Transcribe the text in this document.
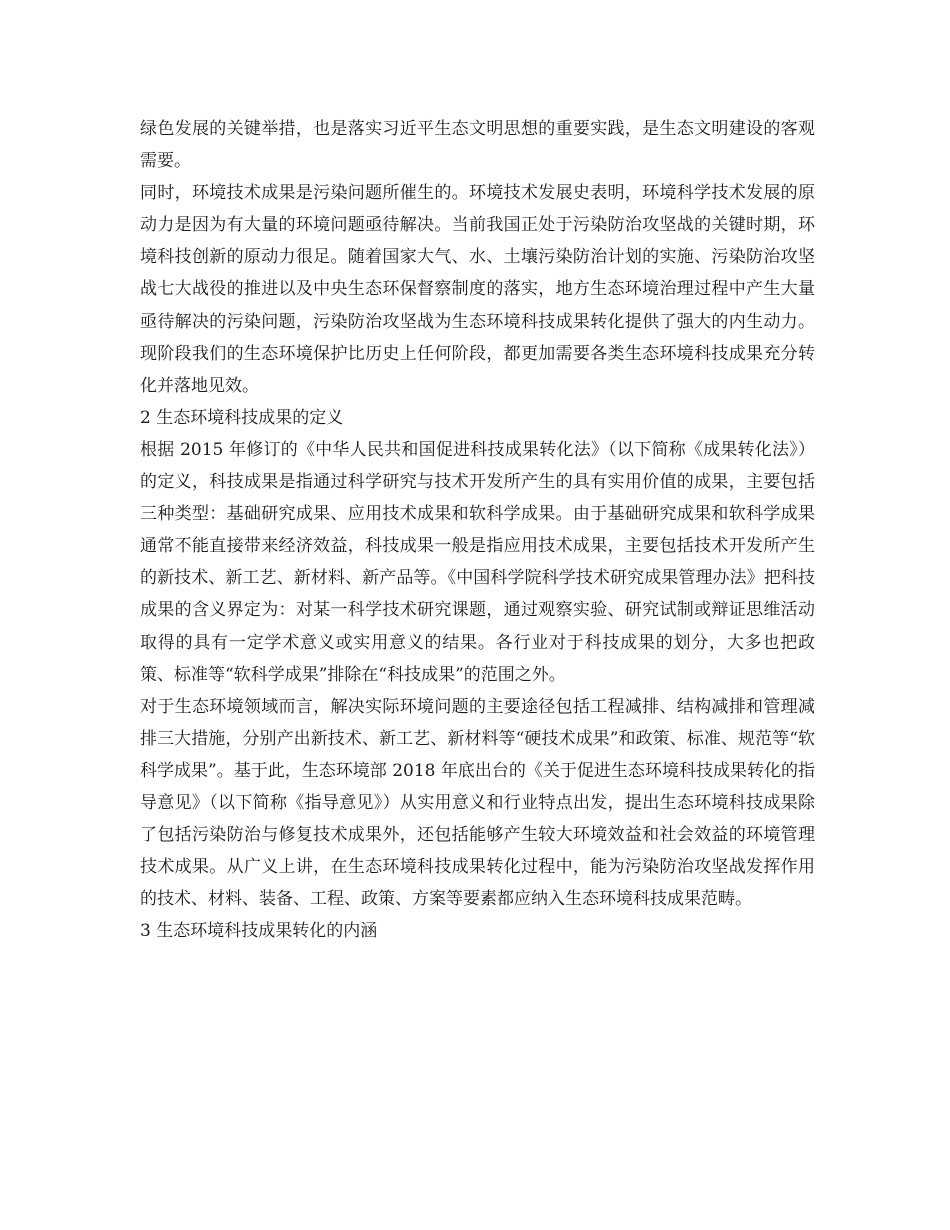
绿色发展的关键举措，也是落实习近平生态文明思想的重要实践，是生态文明建设的客观需要。

同时，环境技术成果是污染问题所催生的。环境技术发展史表明，环境科学技术发展的原动力是因为有大量的环境问题亟待解决。当前我国正处于污染防治攻坚战的关键时期，环境科技创新的原动力很足。随着国家大气、水、土壤污染防治计划的实施、污染防治攻坚战七大战役的推进以及中央生态环保督察制度的落实，地方生态环境治理过程中产生大量亟待解决的污染问题，污染防治攻坚战为生态环境科技成果转化提供了强大的内生动力。现阶段我们的生态环境保护比历史上任何阶段，都更加需要各类生态环境科技成果充分转化并落地见效。

2 生态环境科技成果的定义

根据 2015 年修订的《中华人民共和国促进科技成果转化法》（以下简称《成果转化法》）的定义，科技成果是指通过科学研究与技术开发所产生的具有实用价值的成果，主要包括三种类型：基础研究成果、应用技术成果和软科学成果。由于基础研究成果和软科学成果通常不能直接带来经济效益，科技成果一般是指应用技术成果，主要包括技术开发所产生的新技术、新工艺、新材料、新产品等。《中国科学院科学技术研究成果管理办法》把科技成果的含义界定为：对某一科学技术研究课题，通过观察实验、研究试制或辩证思维活动取得的具有一定学术意义或实用意义的结果。各行业对于科技成果的划分，大多也把政策、标准等“软科学成果”排除在“科技成果”的范围之外。

对于生态环境领域而言，解决实际环境问题的主要途径包括工程减排、结构减排和管理减排三大措施，分别产出新技术、新工艺、新材料等“硬技术成果”和政策、标准、规范等“软科学成果”。基于此，生态环境部 2018 年底出台的《关于促进生态环境科技成果转化的指导意见》（以下简称《指导意见》）从实用意义和行业特点出发，提出生态环境科技成果除了包括污染防治与修复技术成果外，还包括能够产生较大环境效益和社会效益的环境管理技术成果。从广义上讲，在生态环境科技成果转化过程中，能为污染防治攻坚战发挥作用的技术、材料、装备、工程、政策、方案等要素都应纳入生态环境科技成果范畴。

3 生态环境科技成果转化的内涵
